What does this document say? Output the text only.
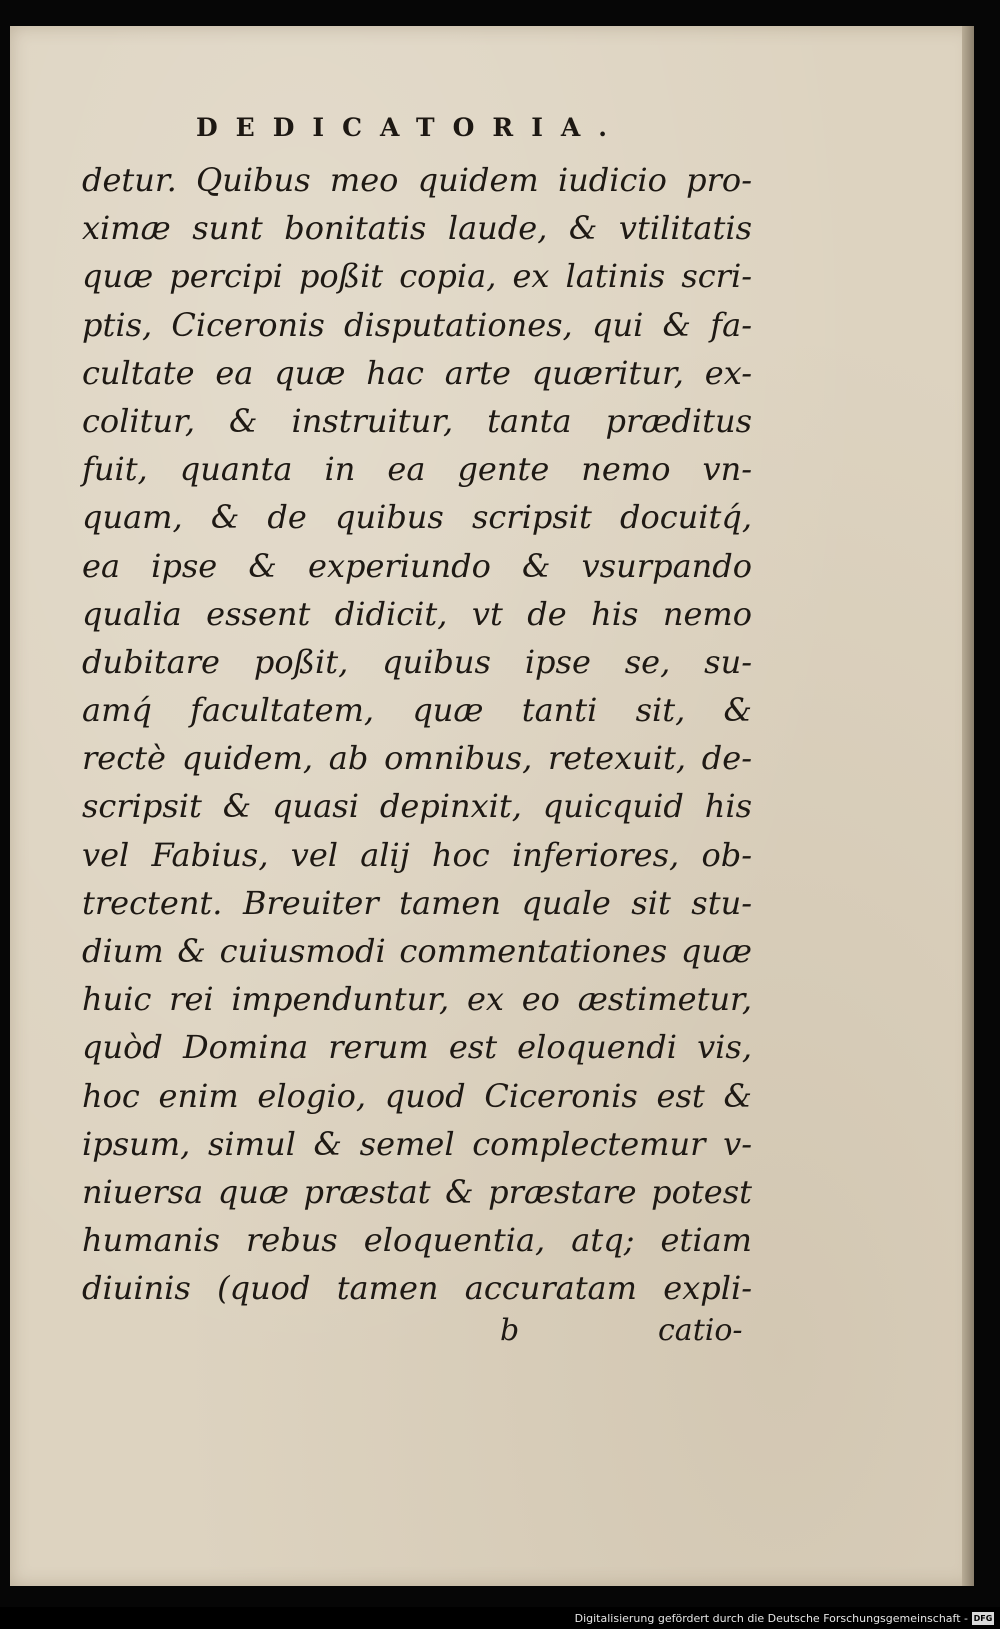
DEDICATORIA.
detur. Quibus meo quidem iudicio pro-
ximæ sunt bonitatis laude, & vtilitatis
quæ percipi poßit copia, ex latinis scri-
ptis, Ciceronis disputationes, qui & fa-
cultate ea quæ hac arte quæritur, ex-
colitur, & instruitur, tanta præditus
fuit, quanta in ea gente nemo vn-
quam, & de quibus scripsit docuitq́,
ea ipse & experiundo & vsurpando
qualia essent didicit, vt de his nemo
dubitare poßit, quibus ipse se, su-
amq́ facultatem, quæ tanti sit, &
rectè quidem, ab omnibus, retexuit, de-
scripsit & quasi depinxit, quicquid his
vel Fabius, vel alij hoc inferiores, ob-
trectent. Breuiter tamen quale sit stu-
dium & cuiusmodi commentationes quæ
huic rei impenduntur, ex eo æstimetur,
quòd Domina rerum est eloquendi vis,
hoc enim elogio, quod Ciceronis est &
ipsum, simul & semel complectemur v-
niuersa quæ præstat & præstare potest
humanis rebus eloquentia, atq; etiam
diuinis (quod tamen accuratam expli-
b	catio-
Digitalisierung gefördert durch die Deutsche Forschungsgemeinschaft - DFG
